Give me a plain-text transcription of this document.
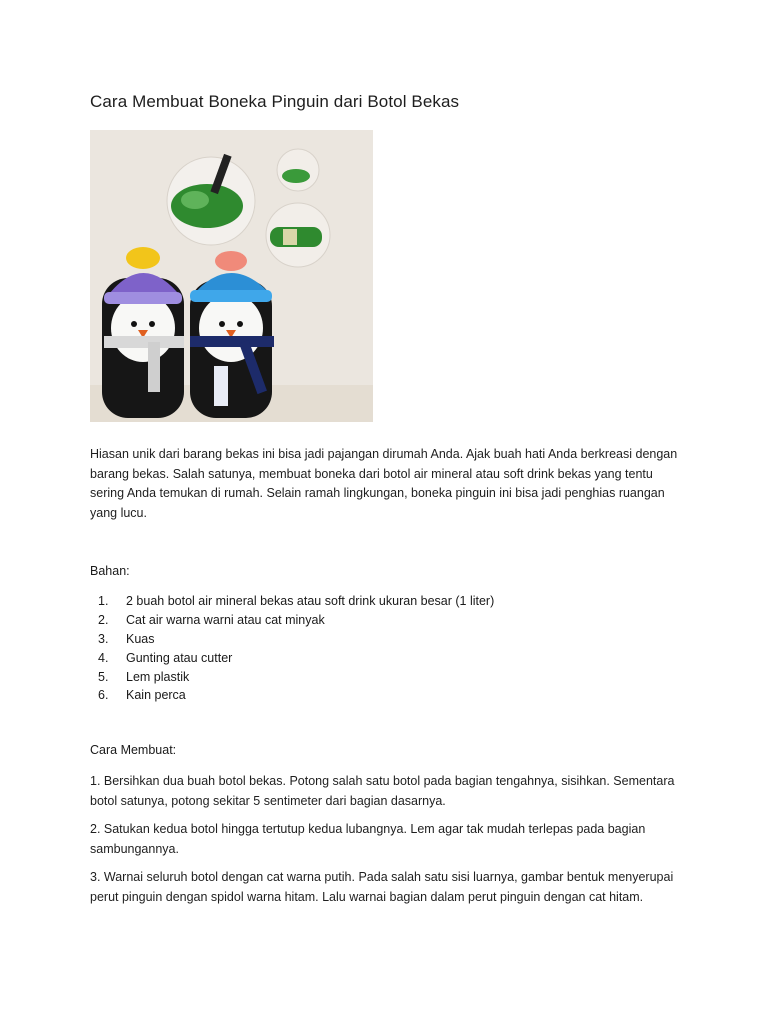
Cara Membuat Boneka Pinguin dari Botol Bekas
Hiasan unik dari barang bekas ini bisa jadi pajangan dirumah Anda. Ajak buah hati Anda berkreasi dengan barang bekas. Salah satunya, membuat boneka dari botol air mineral atau soft drink bekas yang tentu sering Anda temukan di rumah. Selain ramah lingkungan, boneka pinguin ini bisa jadi penghias ruangan yang lucu.
Bahan:
1. 2 buah botol air mineral bekas atau soft drink ukuran besar (1 liter)
2. Cat air warna warni atau cat minyak
3. Kuas
4. Gunting atau cutter
5. Lem plastik
6. Kain perca
Cara Membuat:
1. Bersihkan dua buah botol bekas. Potong salah satu botol pada bagian tengahnya, sisihkan. Sementara botol satunya, potong sekitar 5 sentimeter dari bagian dasarnya.
2. Satukan kedua botol hingga tertutup kedua lubangnya. Lem agar tak mudah terlepas pada bagian sambungannya.
3. Warnai seluruh botol dengan cat warna putih. Pada salah satu sisi luarnya, gambar bentuk menyerupai perut pinguin dengan spidol warna hitam. Lalu warnai bagian dalam perut pinguin dengan cat hitam.
